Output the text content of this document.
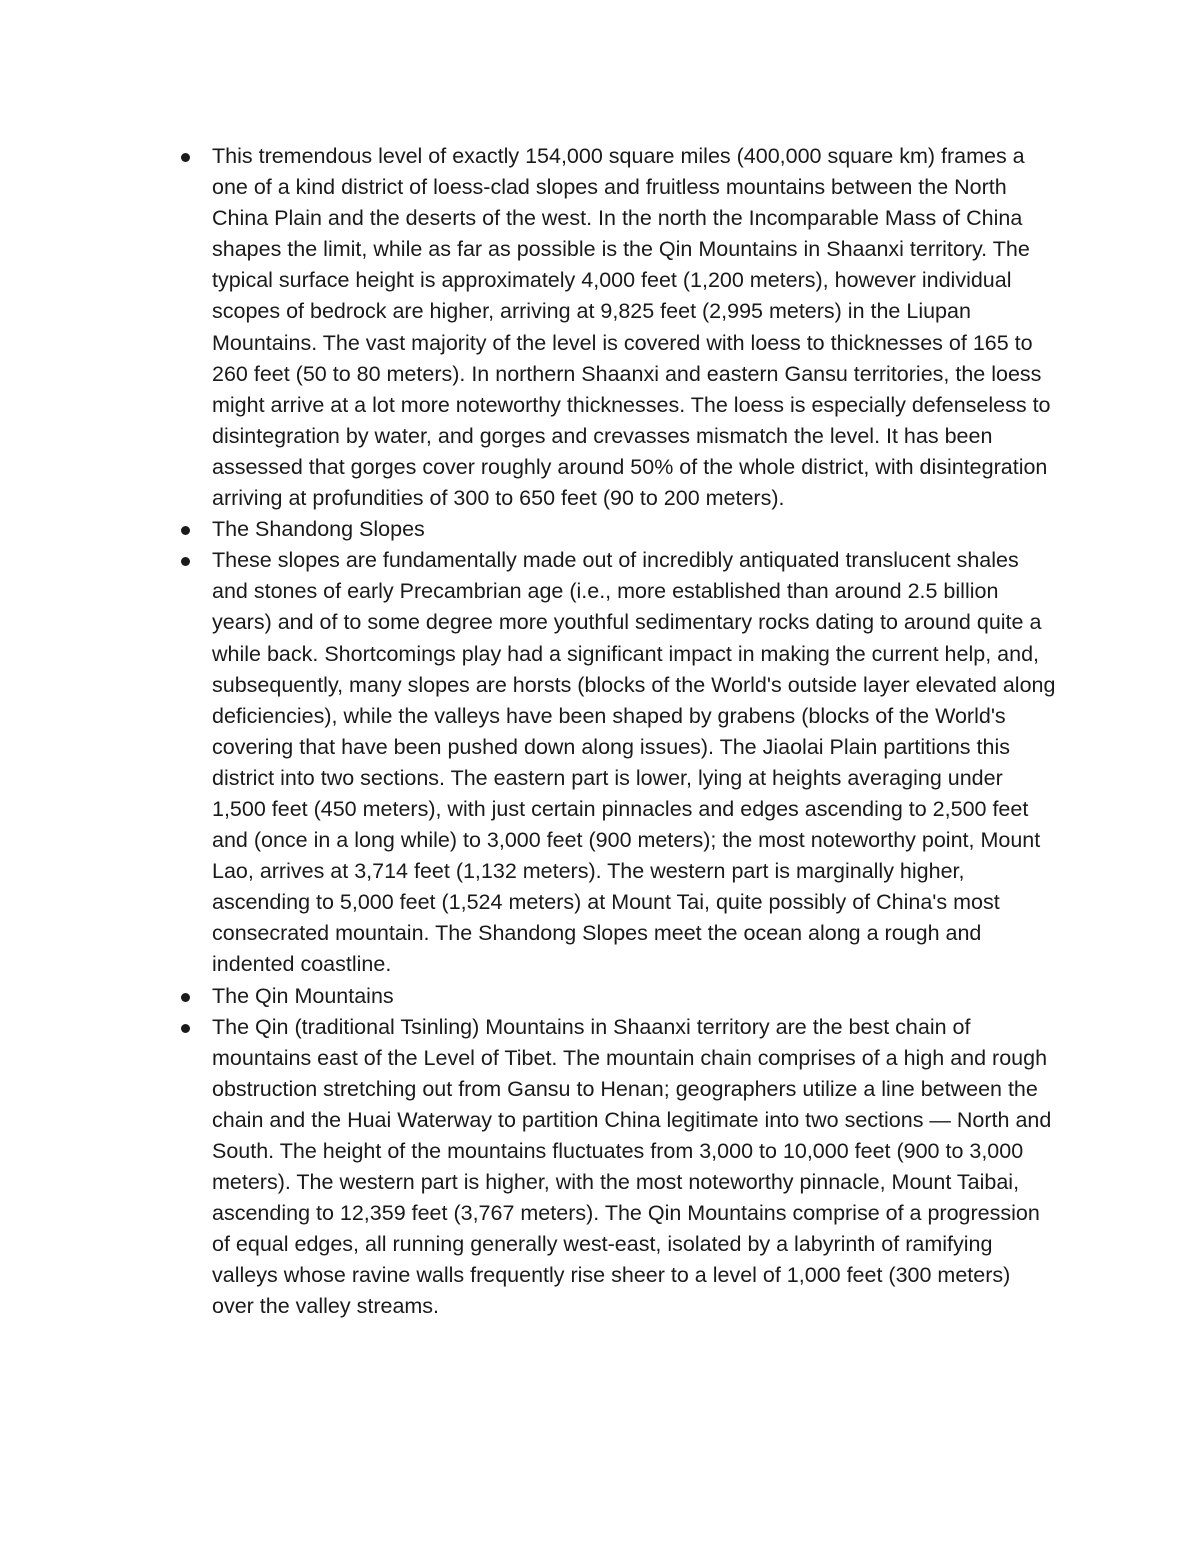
This tremendous level of exactly 154,000 square miles (400,000 square km) frames a one of a kind district of loess-clad slopes and fruitless mountains between the North China Plain and the deserts of the west. In the north the Incomparable Mass of China shapes the limit, while as far as possible is the Qin Mountains in Shaanxi territory. The typical surface height is approximately 4,000 feet (1,200 meters), however individual scopes of bedrock are higher, arriving at 9,825 feet (2,995 meters) in the Liupan Mountains. The vast majority of the level is covered with loess to thicknesses of 165 to 260 feet (50 to 80 meters). In northern Shaanxi and eastern Gansu territories, the loess might arrive at a lot more noteworthy thicknesses. The loess is especially defenseless to disintegration by water, and gorges and crevasses mismatch the level. It has been assessed that gorges cover roughly around 50% of the whole district, with disintegration arriving at profundities of 300 to 650 feet (90 to 200 meters).
The Shandong Slopes
These slopes are fundamentally made out of incredibly antiquated translucent shales and stones of early Precambrian age (i.e., more established than around 2.5 billion years) and of to some degree more youthful sedimentary rocks dating to around quite a while back. Shortcomings play had a significant impact in making the current help, and, subsequently, many slopes are horsts (blocks of the World's outside layer elevated along deficiencies), while the valleys have been shaped by grabens (blocks of the World's covering that have been pushed down along issues). The Jiaolai Plain partitions this district into two sections. The eastern part is lower, lying at heights averaging under 1,500 feet (450 meters), with just certain pinnacles and edges ascending to 2,500 feet and (once in a long while) to 3,000 feet (900 meters); the most noteworthy point, Mount Lao, arrives at 3,714 feet (1,132 meters). The western part is marginally higher, ascending to 5,000 feet (1,524 meters) at Mount Tai, quite possibly of China's most consecrated mountain. The Shandong Slopes meet the ocean along a rough and indented coastline.
The Qin Mountains
The Qin (traditional Tsinling) Mountains in Shaanxi territory are the best chain of mountains east of the Level of Tibet. The mountain chain comprises of a high and rough obstruction stretching out from Gansu to Henan; geographers utilize a line between the chain and the Huai Waterway to partition China legitimate into two sections — North and South. The height of the mountains fluctuates from 3,000 to 10,000 feet (900 to 3,000 meters). The western part is higher, with the most noteworthy pinnacle, Mount Taibai, ascending to 12,359 feet (3,767 meters). The Qin Mountains comprise of a progression of equal edges, all running generally west-east, isolated by a labyrinth of ramifying valleys whose ravine walls frequently rise sheer to a level of 1,000 feet (300 meters) over the valley streams.
